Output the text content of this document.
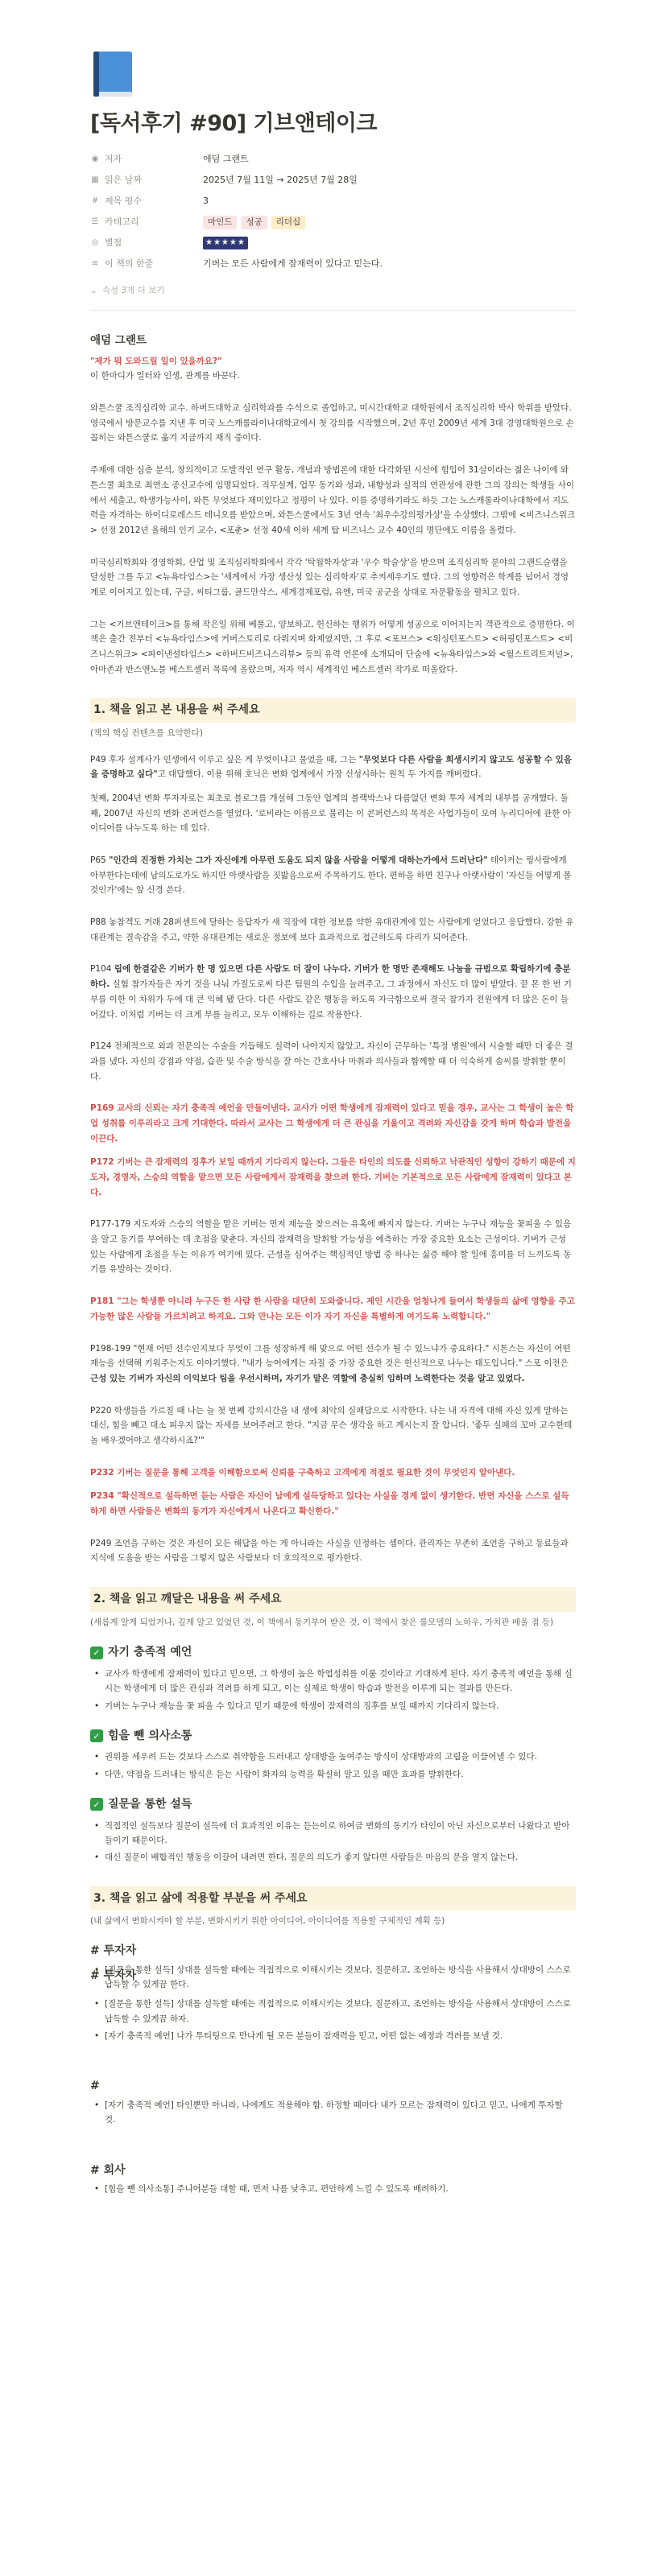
[독서후기 #90] 기브앤테이크
◉ 저자	애덤 그랜트
▦ 읽은 날짜	2025년 7월 11일 → 2025년 7월 28일
# 제목 평수	3
☰ 카테고리	마인드	성공	리더십
◎ 별점	★★★★★
≡ 이 책의 한줄	기버는 모든 사람에게 잠재력이 있다고 믿는다.
⌄ 속성 3개 더 보기
애덤 그랜트

"제가 뭐 도와드릴 일이 있을까요?"

이 한마디가 일터와 인생, 관계를 바꾼다.

와튼스쿨 조직심리학 교수. 하버드대학교 심리학과를 수석으로 졸업하고, 미시간대학교 대학원에서 조직심리학 박사 학위를 받았다.영국에서 방문교수를 지낸 후 미국 노스캐롤라이나대학교에서 첫 강의를 시작했으며, 2년 후인 2009년 세계 3대 경영대학원으로 손꼽히는 와튼스쿨로 옮겨 지금까지 재직 중이다.

주제에 대한 심층 분석, 창의적이고 도발적인 연구 활동, 개념과 방법론에 대한 다각화된 시선에 힘입어 31살이라는 젊은 나이에 와튼스쿨 최초로 최연소 종신교수에 임명되었다. 직무설계, 업무 동기와 성과, 내향성과 실적의 연관성에 관한 그의 강의는 학생들 사이에서 세출고, 학생가능사이, 와튼 무엇보다 재미있다고 정평이 나 있다. 이를 증명하기라도 하듯 그는 노스캐롤라이나대학에서 지도력을 자격하는 하이디로레스드 테니오를 받았으며, 와튼스쿨에서도 3년 연속 '최우수강의평가상'을 수상했다. 그밖에 <비즈니스위크> 선정 2012년 올해의 인기 교수, <포춘> 선정 40세 이하 세계 탑 비즈니스 교수 40인의 명단에도 이름을 올렸다.

미국심리학회와 경영학회, 산업 및 조직심리학회에서 각각 '탁월학자상'과 '우수 학술상'을 받으며 조직심리학 분야의 그랜드슬램을 달성한 그를 두고 <뉴욕타임스>는 '세계에서 가장 생산성 있는 심리학자'로 추켜세우기도 했다. 그의 영향력은 학계를 넘어서 경영계로 이어지고 있는데, 구글, 씨티그룹, 골드만삭스, 세계경제포럼, 유엔, 미국 공군을 상대로 자문활동을 펼치고 있다.

그는 <기브앤테이크>를 통해 작은일 위해 베풀고, 양보하고, 헌신하는 행위가 어떻게 성공으로 이어지는지 객관적으로 증명한다. 이 책은 출간 전부터 <뉴욕타임스>에 커버스토리로 다뤄지며 화제였지만, 그 후로 <포브스> <워싱턴포스트> <허핑턴포스트> <비즈니스위크> <파이낸셜타임스> <하버드비즈니스리뷰> 등의 유력 언론에 소개되어 단숨에 <뉴욕타임스>와 <월스트리트저널>, 아마존과 반스앤노블 베스트셀러 목록에 올랐으며, 저자 역시 세계적인 베스트셀러 작가로 떠올랐다.

1. 책을 읽고 본 내용을 써 주세요

(책의 핵심 컨텐츠를 요약한다)

P49 후자 설계사가 인생에서 이루고 싶은 게 무엇이냐고 물었을 때, 그는 "무엇보다 다른 사람을 희생시키지 않고도 성공할 수 있음을 증명하고 싶다"고 대답했다. 이용 위해 호닉은 변화 업계에서 가장 신성시하는 원칙 두 가지를 깨버렸다.

첫째, 2004년 변화 투자자로는 최초로 블로그를 개설해 그동안 업계의 블랙박스나 다름없던 변화 투자 세계의 내부를 공개했다. 둘째, 2007년 자신의 변화 콘퍼런스를 열었다. '로비라는 이름으로 불리는 이 콘퍼런스의 목적은 사업가들이 모여 누리디어에 관한 아이디어를 나누도록 하는 데 있다.

P65 "인간의 진정한 가치는 그가 자신에게 아무런 도움도 되지 않을 사람을 어떻게 대하는가에서 드러난다" 테이커는 링사람에게 아부한다는데에 남의도로가도 하지만 아랫사람을 짓밟음으로써 주목하기도 한다. 편하을 하면 친구나 아랫사람이 '자신들 어떻게 볼 것인가'에는 앞 신경 쓴다.

P88 놓참겍도 거래 28퍼센트에 달하는 응답자가 새 직장에 대한 정보를 약한 유대관계에 있는 사람에게 얻었다고 응답했다. 강한 유대관계는 결속감을 주고, 약한 유대관계는 새로운 정보에 보다 효과적으로 접근하도록 다리가 되어준다.

P104 립에 한결같은 기버가 한 명 있으면 다른 사람도 더 잘이 나누다. 기버가 한 명만 존재해도 나눔을 규범으로 확립하기에 충분하다. 실험 참가자들은 자기 것을 나눠 가질도로써 다른 팀원의 수입을 늘려주고, 그 과정에서 자신도 더 많이 받았다. 끝 몬 한 번 기부를 이한 이 차위가 두에 대 큰 익혜 됐 단다. 다른 사람도 같은 행동을 하도록 자극함으로써 결국 참가자 전원에게 더 많은 돈이 들어갔다. 이처럼 기버는 더 크게 부를 늘리고, 모두 이해하는 길로 작용한다.

P124 전체적으로 외과 전문의는 수술을 거듭해도 실력이 나아지지 않았고, 자신이 근무하는 '특정 병원'에서 시술할 때만 더 좋은 결과를 냈다. 자신의 강점과 약점, 습관 및 수술 방식을 잘 아는 간호사나 마취과 의사들과 함께할 때 더 익숙하게 솜씨를 발휘할 뿐이다.

P169 교사의 신뢰는 자기 충족적 예언을 만들어낸다. 교사가 어떤 학생에게 잠재력이 있다고 믿을 경우, 교사는 그 학생이 높은 학업 성취를 이루리라고 크게 기대한다. 따라서 교사는 그 학생에게 더 큰 관심을 기울이고 격려와 자신감을 갖게 하며 학습과 발전을 이끈다.

P172 기버는 큰 잠재력의 징후가 보일 때까지 기다리지 않는다. 그들은 타인의 의도를 신뢰하고 낙관적인 성향이 강하기 때문에 지도자, 경영자, 스승의 역할을 맡으면 모든 사람에게서 잠재력을 찾으려 한다. 기버는 기본적으로 모든 사람에게 잠재력이 있다고 본다.

P177-179 지도자와 스승의 역할을 맡은 기버는 먼저 재능을 찾으려는 유혹에 빠지지 않는다. 기버는 누구나 재능을 꽃피울 수 있음을 알고 동기를 부여하는 데 초점을 맞춘다. 자신의 잠재력을 발휘할 가능성을 예측하는 가장 중요한 요소는 근성이다. 기버가 근성 있는 사람에게 초점을 두는 이유가 여기에 있다. 근성을 심어주는 핵심적인 방법 중 하나는 싫증 해야 할 일에 흥미를 더 느끼도록 동기를 유발하는 것이다.

P181 "그는 학생뿐 아니라 누구든 한 사람 한 사람을 대단히 도와줍니다. 제인 시간을 엄청나게 들여서 학생들의 삶에 영향을 주고 가능한 많은 사람들 가르치려고 하지요. 그와 만나는 모든 이가 자기 자신을 특별하게 여기도록 노력합니다."

P198-199 "현재 어떤 선수인지보다 무엇이 그를 성장하게 해 맞으로 어떤 선수가 될 수 있느냐가 중요하다." 시톤스는 자신이 어떤 재능을 선택해 키워주는지도 이야기했다. "내가 능어에게는 자질 중 가장 중요한 것은 헌신적으로 나누는 태도입니다." 스포 이전은 근성 있는 기버가 자신의 이익보다 팀을 우선시하며, 자기가 맡은 역할에 충실히 임하며 노력한다는 것을 알고 있었다.

P220 학생들을 가르칠 때 나는 늘 첫 번째 강의시간을 내 생에 최악의 실패담으로 시작한다. 나는 내 자격에 대해 자신 있게 말하는 대신, 힘을 빼고 대소 피우지 않는 자세를 보여주려고 한다. "지금 무슨 생각을 하고 계시는지 잘 압니다. '좋두 실패의 꼬마 교수한테 놀 배우겠어야고 생각하시죠?'"

P232 기버는 질문을 통해 고객을 이해함으로써 신뢰를 구축하고 고객에게 적절로 필요한 것이 무엇인지 알아낸다.

P234 "확신적으로 설득하면 듣는 사람은 자신이 남에게 설득당하고 있다는 사실을 경계 없이 생기한다. 반면 자신을 스스로 설득하게 하면 사람들은 변화의 동기가 자신에게서 나온다고 확신한다."

P249 조언을 구하는 것은 자신이 모든 해답을 아는 게 아니라는 사실을 인정하는 셈이다. 관리자는 무존히 조언을 구하고 동료들과 지식에 도움을 받는 사람을 그렇지 않은 사람보다 더 호의적으로 평가한다.

2. 책을 읽고 깨달은 내용을 써 주세요

(새롭게 알게 되었거나, 깊게 알고 있었던 것, 이 책에서 동기부여 받은 것, 이 책에서 찾은 롤모델의 노하우, 가치관 배울 점 등)

✓ 자기 충족적 예언
• 교사가 학생에게 잠재력이 있다고 믿으면, 그 학생이 높은 학업성취를 이룰 것이라고 기대하게 된다. 자기 충족적 예언을 통해 실시는 학생에게 더 많은 관심과 격려를 하게 되고, 이는 실제로 학생이 학습과 발전을 이루게 되는 결과를 만든다.
• 기버는 누구나 재능을 꽃 피울 수 있다고 믿기 때문에 학생이 잠재력의 징후를 보일 때까지 기다리지 않는다.
✓ 힘을 뺀 의사소통
• 권위를 세우려 드는 것보다 스스로 취약함을 드러내고 상대방을 높여주는 방식이 상대방과의 고립을 이끌어낼 수 있다.
• 다만, 약점을 드러내는 방식은 듣는 사람이 화자의 능력을 확실히 알고 있을 때만 효과를 발휘한다.
✓ 질문을 통한 설득
• 직접적인 설득보다 질문이 설득에 더 효과적인 이유는 듣는이로 하여금 변화의 동기가 타인이 아닌 자신으로부터 나왔다고 받아들이기 때문이다.
• 대신 질문이 배합적인 행동을 이끌어 내려면 한다. 질문의 의도가 좋지 않다면 사람들은 마음의 문을 열지 않는다.
3. 책을 읽고 삶에 적용할 부분을 써 주세요

(내 삶에서 변화시켜야 할 부분, 변화시키기 위한 아이디어, 아이디어를 적용할 구체적인 계획 등)

# 투자자
• [질문을 통한 설득] 상대를 설득할 때에는 직접적으로 이해시키는 것보다, 질문하고, 조언하는 방식을 사용해서 상대방이 스스로 납득할 수 있게끔 한다.
# 투자자
• [질문을 통한 설득] 상대를 설득할 때에는 직접적으로 이해시키는 것보다, 질문하고, 조언하는 방식을 사용해서 상대방이 스스로 납득할 수 있게끔 하자.
• [자기 충족적 예언] 나가 투티팅으로 만나게 될 모든 분들이 잠재력을 믿고, 어떤 없는 애정과 격려를 보낼 것.
#
• [자기 충족적 예언] 타인뿐만 아니라, 나에게도 적용해야 함. 하정할 때마다 내가 모르는 잠재력이 있다고 믿고, 나에게 투자할 것.
# 회사
• [힘을 뺀 의사소통] 주니어분들 대할 때, 먼저 나를 낮추고, 편안하게 느낄 수 있도록 배려하기.
